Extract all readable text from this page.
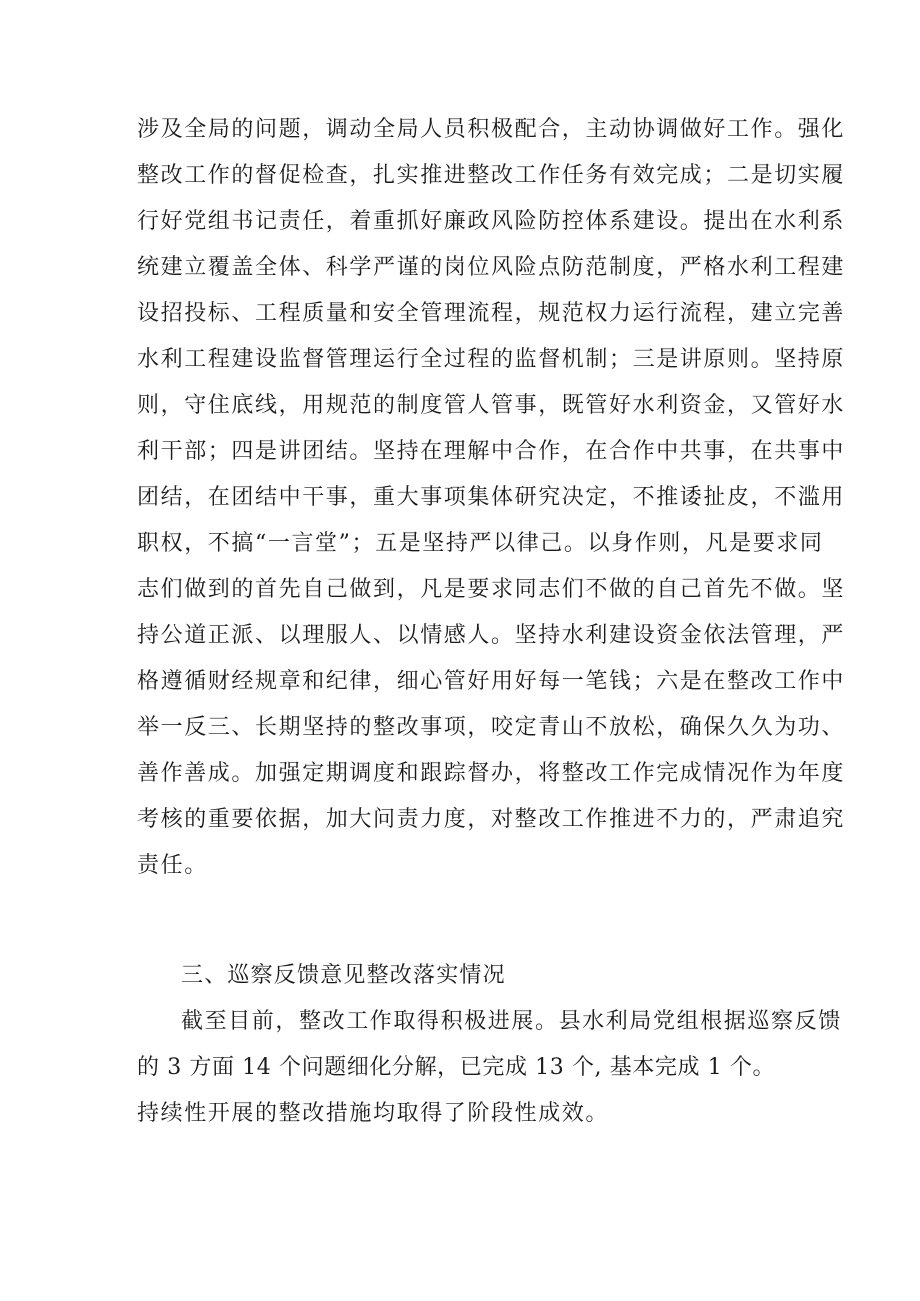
涉及全局的问题，调动全局人员积极配合，主动协调做好工作。强化
整改工作的督促检查，扎实推进整改工作任务有效完成；二是切实履
行好党组书记责任，着重抓好廉政风险防控体系建设。提出在水利系
统建立覆盖全体、科学严谨的岗位风险点防范制度，严格水利工程建
设招投标、工程质量和安全管理流程，规范权力运行流程，建立完善
水利工程建设监督管理运行全过程的监督机制；三是讲原则。坚持原
则，守住底线，用规范的制度管人管事，既管好水利资金，又管好水
利干部；四是讲团结。坚持在理解中合作，在合作中共事，在共事中
团结，在团结中干事，重大事项集体研究决定，不推诿扯皮，不滥用
职权，不搞“一言堂”；五是坚持严以律己。以身作则，凡是要求同
志们做到的首先自己做到，凡是要求同志们不做的自己首先不做。坚
持公道正派、以理服人、以情感人。坚持水利建设资金依法管理，严
格遵循财经规章和纪律，细心管好用好每一笔钱；六是在整改工作中
举一反三、长期坚持的整改事项，咬定青山不放松，确保久久为功、
善作善成。加强定期调度和跟踪督办，将整改工作完成情况作为年度
考核的重要依据，加大问责力度，对整改工作推进不力的，严肃追究
责任。
三、巡察反馈意见整改落实情况
截至目前，整改工作取得积极进展。县水利局党组根据巡察反馈
的 3 方面 14 个问题细化分解，已完成 13 个, 基本完成 1 个。
持续性开展的整改措施均取得了阶段性成效。
